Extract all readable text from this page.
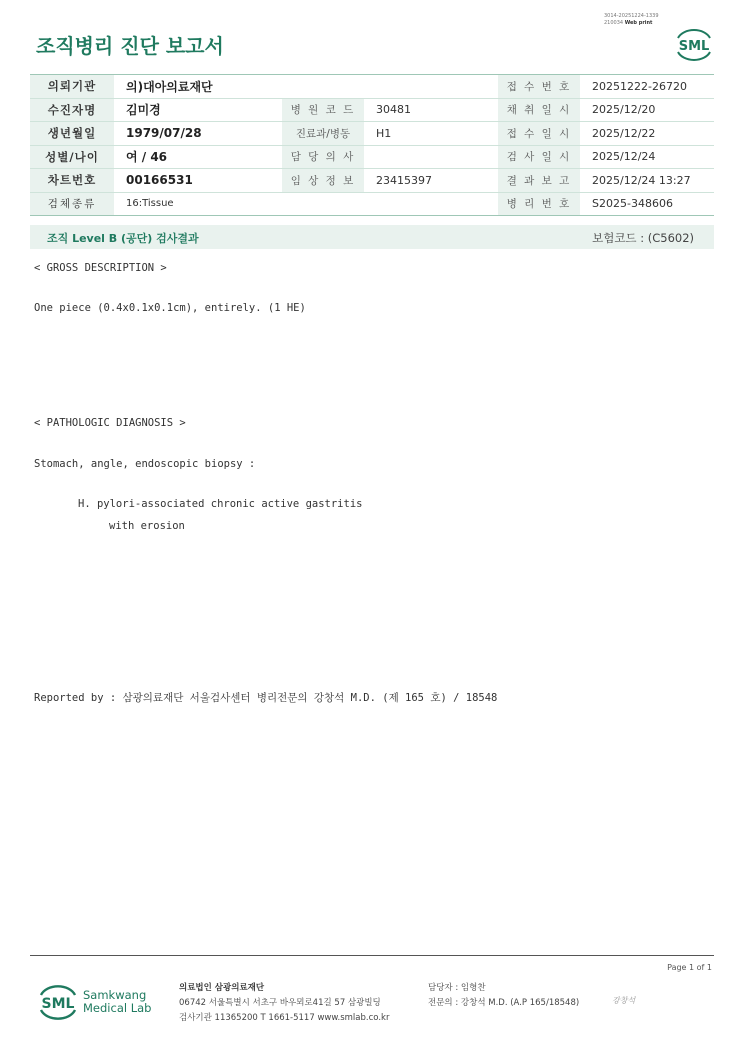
3014-20251224-1339
210034 Web print
조직병리 진단 보고서	SML
의뢰기관	의)대아의료재단			접 수 번 호	20251222-26720
수진자명	김미경	병 원 코 드	30481	채 취 일 시	2025/12/20
생년월일	1979/07/28	진료과/병동	H1	접 수 일 시	2025/12/22
성별/나이	여 / 46	담 당 의 사		검 사 일 시	2025/12/24
차트번호	00166531	임 상 정 보	23415397	결 과 보 고	2025/12/24 13:27
검체종류	16:Tissue			병 리 번 호	S2025-348606
조직 Level B (공단) 검사결과	보험코드 : (C5602)
< GROSS DESCRIPTION >
One piece (0.4x0.1x0.1cm), entirely. (1 HE)
< PATHOLOGIC DIAGNOSIS >
Stomach, angle, endoscopic biopsy :
H. pylori-associated chronic active gastritis
with erosion
Reported by : 삼광의료재단 서울검사센터 병리전문의 강창석 M.D. (제 165 호) / 18548
Page 1 of 1
SML
Samkwang
Medical Lab
의료법인 삼광의료재단
06742 서울특별시 서초구 바우뫼로41길 57 삼광빌딩
검사기관 11365200 T 1661-5117 www.smlab.co.kr
담당자 : 임형찬
전문의 : 강창석 M.D. (A.P 165/18548)	강창석
